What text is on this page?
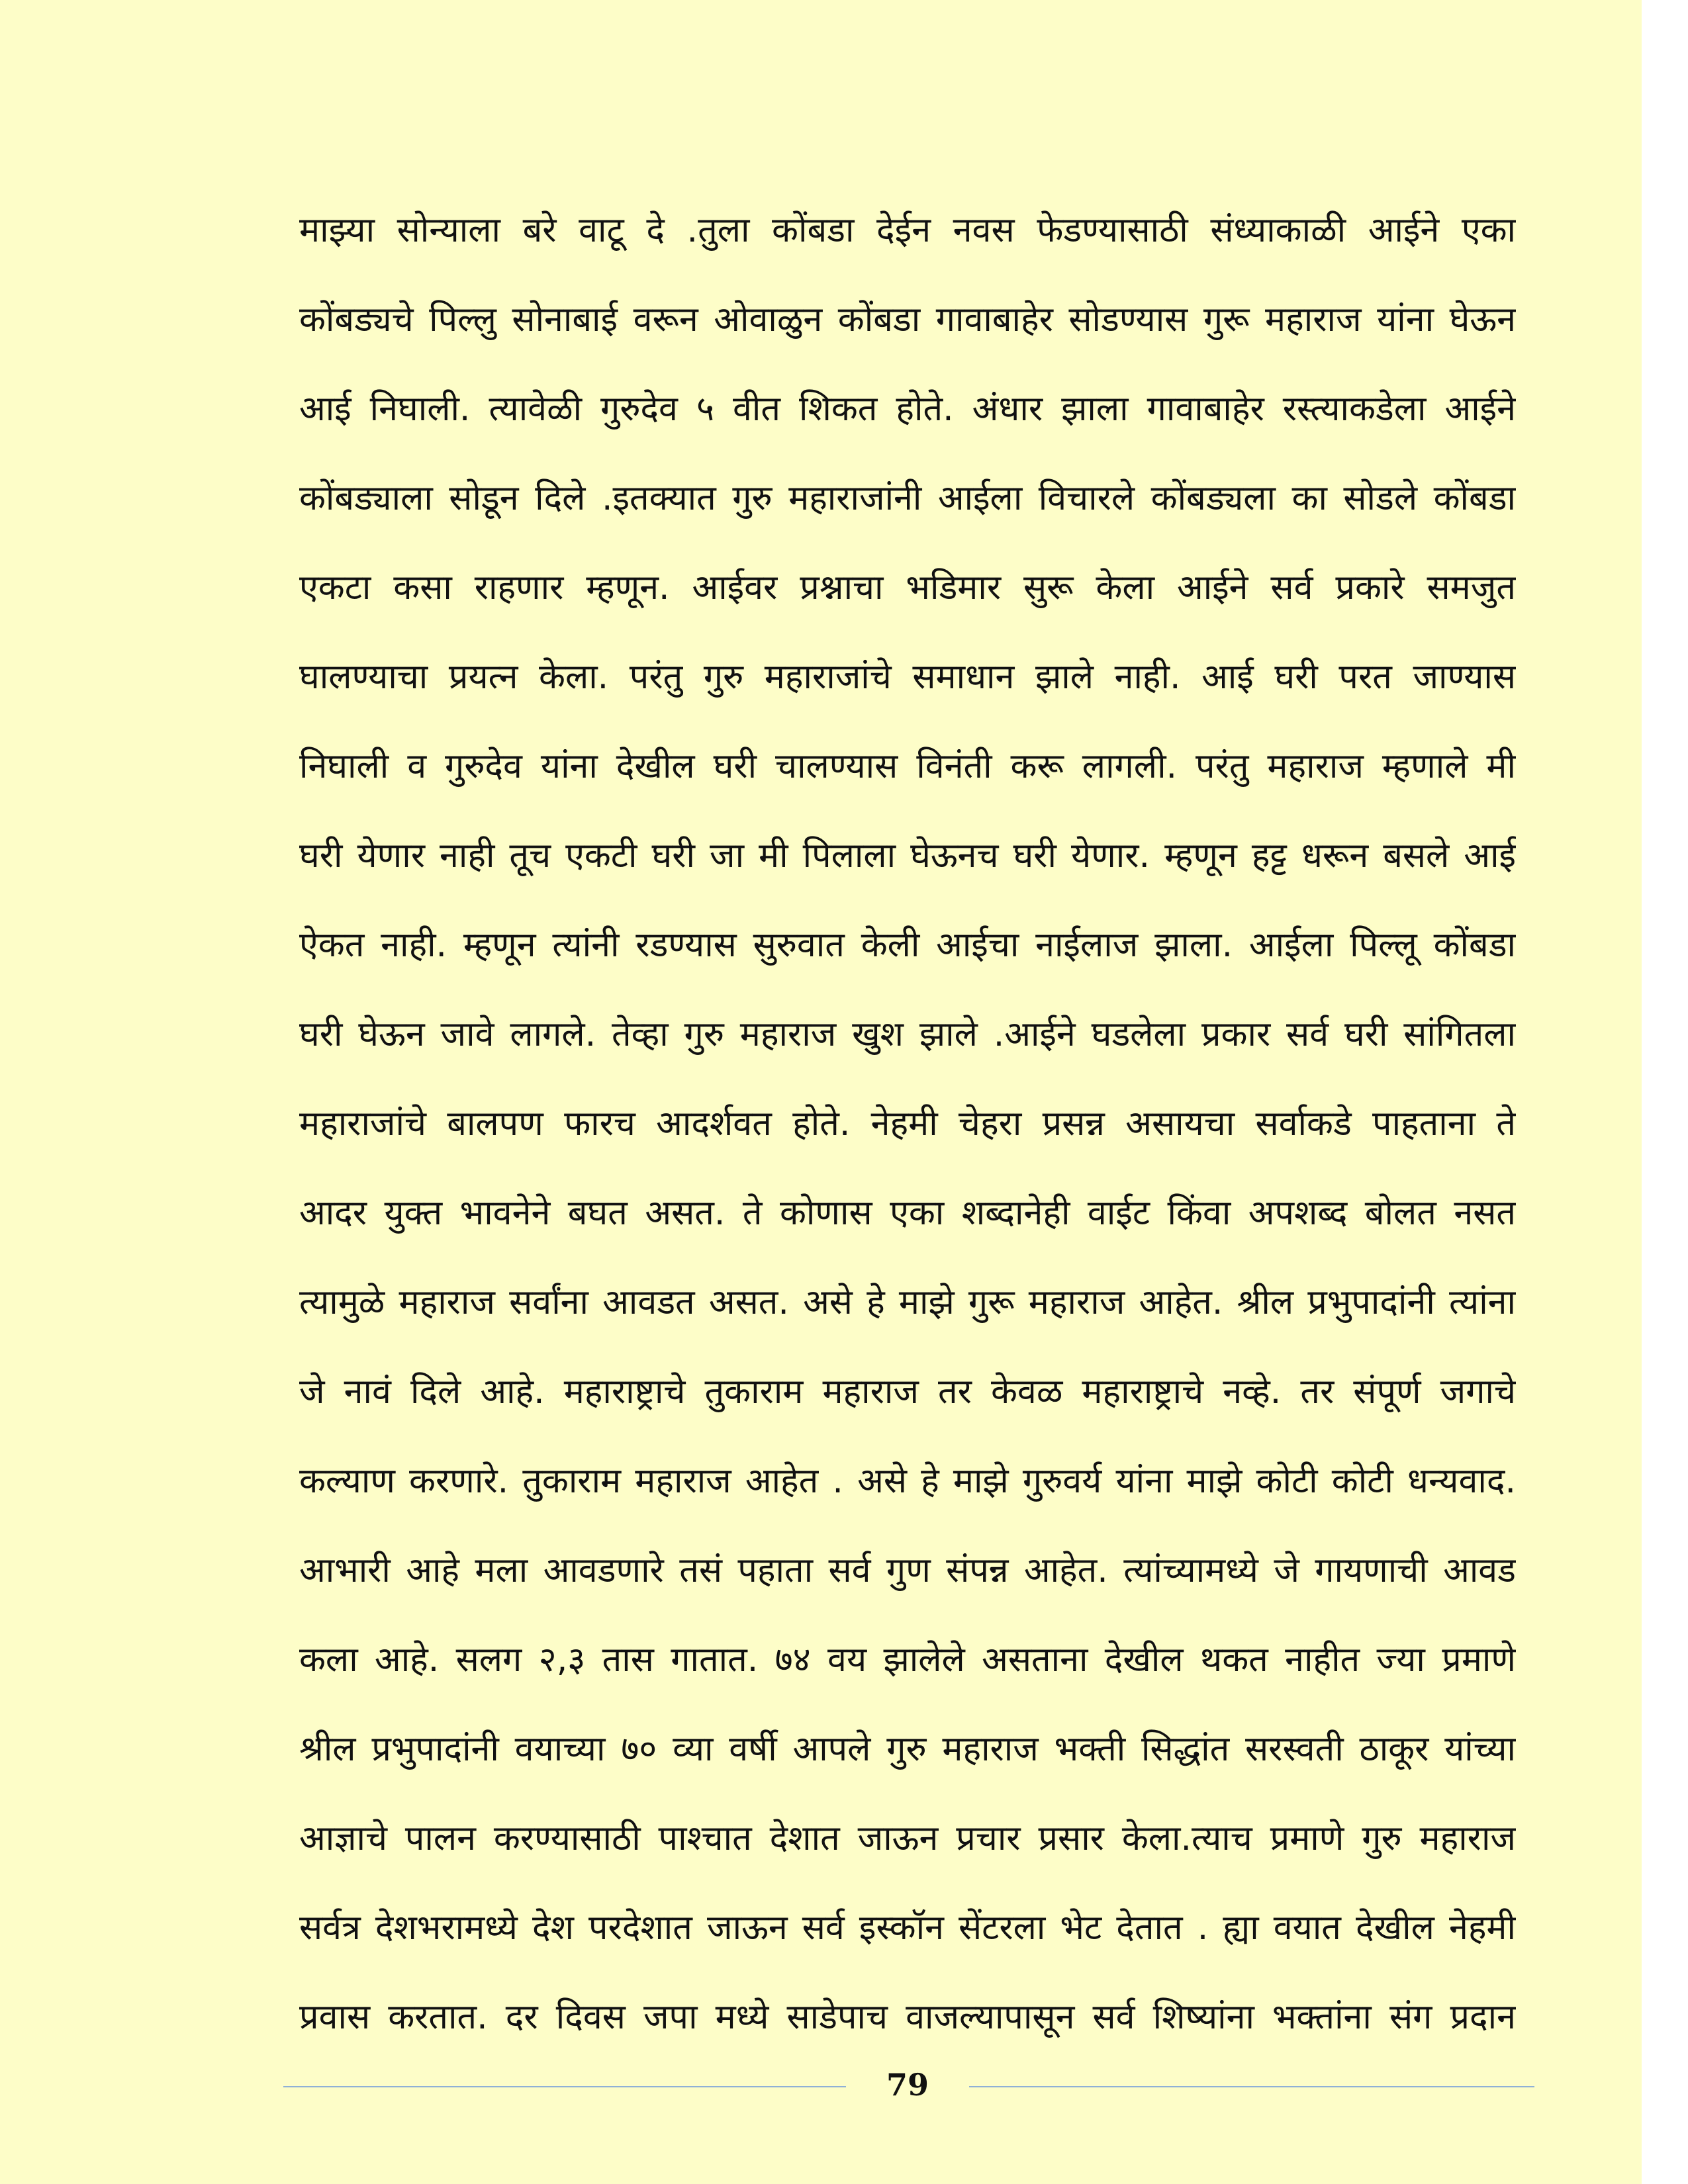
माझ्या सोन्याला बरे वाटू दे .तुला कोंबडा देईन नवस फेडण्यासाठी संध्याकाळी आईने एका
कोंबड्यचे पिल्लु सोनाबाई वरून ओवाळुन कोंबडा गावाबाहेर सोडण्यास गुरू महाराज यांना घेऊन
आई निघाली. त्यावेळी गुरुदेव ५ वीत शिकत होते. अंधार झाला गावाबाहेर रस्त्याकडेला आईने
कोंबड्याला सोडून दिले .इतक्यात गुरु महाराजांनी आईला विचारले कोंबड्यला का सोडले कोंबडा
एकटा कसा राहणार म्हणून. आईवर प्रश्नाचा भडिमार सुरू केला आईने सर्व प्रकारे समजुत
घालण्याचा प्रयत्न केला. परंतु गुरु महाराजांचे समाधान झाले नाही. आई घरी परत जाण्यास
निघाली व गुरुदेव यांना देखील घरी चालण्यास विनंती करू लागली. परंतु महाराज म्हणाले मी
घरी येणार नाही तूच एकटी घरी जा मी पिलाला घेऊनच घरी येणार. म्हणून हट्ट धरून बसले आई
ऐकत नाही. म्हणून त्यांनी रडण्यास सुरुवात केली आईचा नाईलाज झाला. आईला पिल्लू कोंबडा
घरी घेऊन जावे लागले. तेव्हा गुरु महाराज खुश झाले .आईने घडलेला प्रकार सर्व घरी सांगितला
महाराजांचे बालपण फारच आदर्शवत होते. नेहमी चेहरा प्रसन्न असायचा सर्वाकडे पाहताना ते
आदर युक्त भावनेने बघत असत. ते कोणास एका शब्दानेही वाईट किंवा अपशब्द बोलत नसत
त्यामुळे महाराज सर्वांना आवडत असत. असे हे माझे गुरू महाराज आहेत. श्रील प्रभुपादांनी त्यांना
जे नावं दिले आहे. महाराष्ट्राचे तुकाराम महाराज तर केवळ महाराष्ट्राचे नव्हे. तर संपूर्ण जगाचे
कल्याण करणारे. तुकाराम महाराज आहेत . असे हे माझे गुरुवर्य यांना माझे कोटी कोटी धन्यवाद.
आभारी आहे मला आवडणारे तसं पहाता सर्व गुण संपन्न आहेत. त्यांच्यामध्ये जे गायणाची आवड
कला आहे. सलग २,३ तास गातात. ७४ वय झालेले असताना देखील थकत नाहीत ज्या प्रमाणे
श्रील प्रभुपादांनी वयाच्या ७० व्या वर्षी आपले गुरु महाराज भक्ती सिद्धांत सरस्वती ठाकूर यांच्या
आज्ञाचे पालन करण्यासाठी पाश्चात देशात जाऊन प्रचार प्रसार केला.त्याच प्रमाणे गुरु महाराज
सर्वत्र देशभरामध्ये देश परदेशात जाऊन सर्व इस्कॉन सेंटरला भेट देतात . ह्या वयात देखील नेहमी
प्रवास करतात. दर दिवस जपा मध्ये साडेपाच वाजल्यापासून सर्व शिष्यांना भक्तांना संग प्रदान
79
